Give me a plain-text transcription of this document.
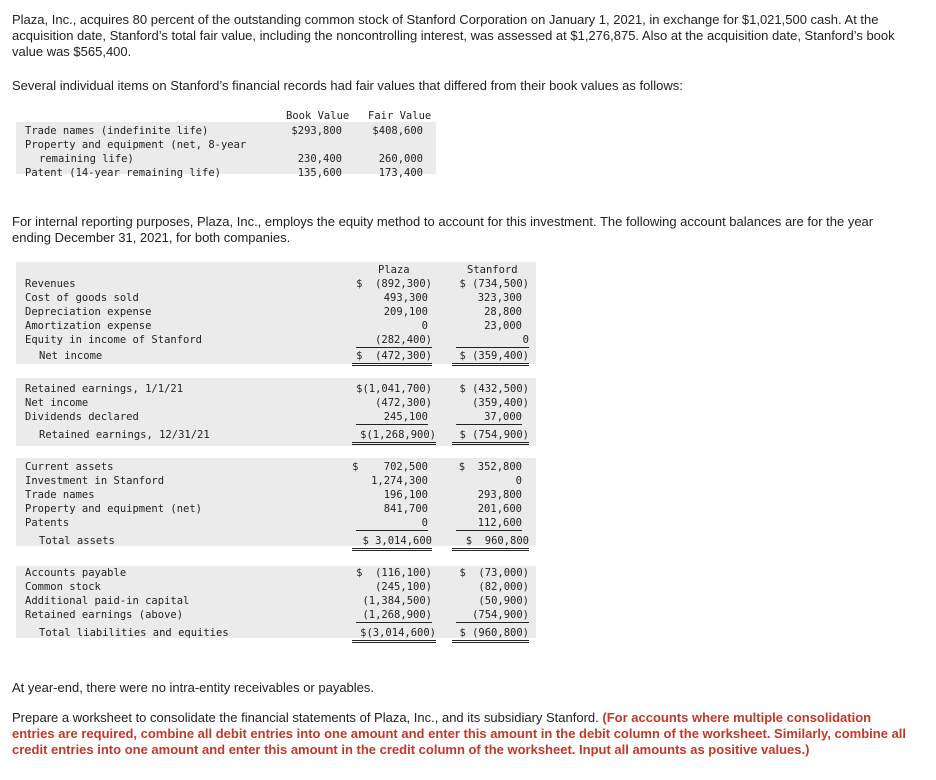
Plaza, Inc., acquires 80 percent of the outstanding common stock of Stanford Corporation on January 1, 2021, in exchange for $1,021,500 cash. At the acquisition date, Stanford’s total fair value, including the noncontrolling interest, was assessed at $1,276,875. Also at the acquisition date, Stanford’s book value was $565,400.

Several individual items on Stanford’s financial records had fair values that differed from their book values as follows:

Book Value Fair Value
Trade names (indefinite life)	$293,800	$408,600
Property and equipment (net, 8-year
remaining life)	230,400	260,000
Patent (14-year remaining life)	135,600	173,400

For internal reporting purposes, Plaza, Inc., employs the equity method to account for this investment. The following account balances are for the year ending December 31, 2021, for both companies.

Plaza	Stanford
Revenues	$  (892,300)	$ (734,500)
Cost of goods sold	493,300	323,300
Depreciation expense	209,100	28,800
Amortization expense	0	23,000
Equity in income of Stanford	(282,400)	0
Net income	$  (472,300)	$ (359,400)
Retained earnings, 1/1/21	$(1,041,700)	$ (432,500)
Net income	(472,300)	(359,400)
Dividends declared	245,100	37,000
Retained earnings, 12/31/21	$(1,268,900)	$ (754,900)
Current assets	$    702,500	$  352,800
Investment in Stanford	1,274,300	0
Trade names	196,100	293,800
Property and equipment (net)	841,700	201,600
Patents	0	112,600
Total assets	$ 3,014,600	$  960,800
Accounts payable	$  (116,100)	$  (73,000)
Common stock	(245,100)	(82,000)
Additional paid-in capital	(1,384,500)	(50,900)
Retained earnings (above)	(1,268,900)	(754,900)
Total liabilities and equities	$(3,014,600)	$ (960,800)

At year-end, there were no intra-entity receivables or payables.

Prepare a worksheet to consolidate the financial statements of Plaza, Inc., and its subsidiary Stanford. (For accounts where multiple consolidation entries are required, combine all debit entries into one amount and enter this amount in the debit column of the worksheet. Similarly, combine all credit entries into one amount and enter this amount in the credit column of the worksheet. Input all amounts as positive values.)
